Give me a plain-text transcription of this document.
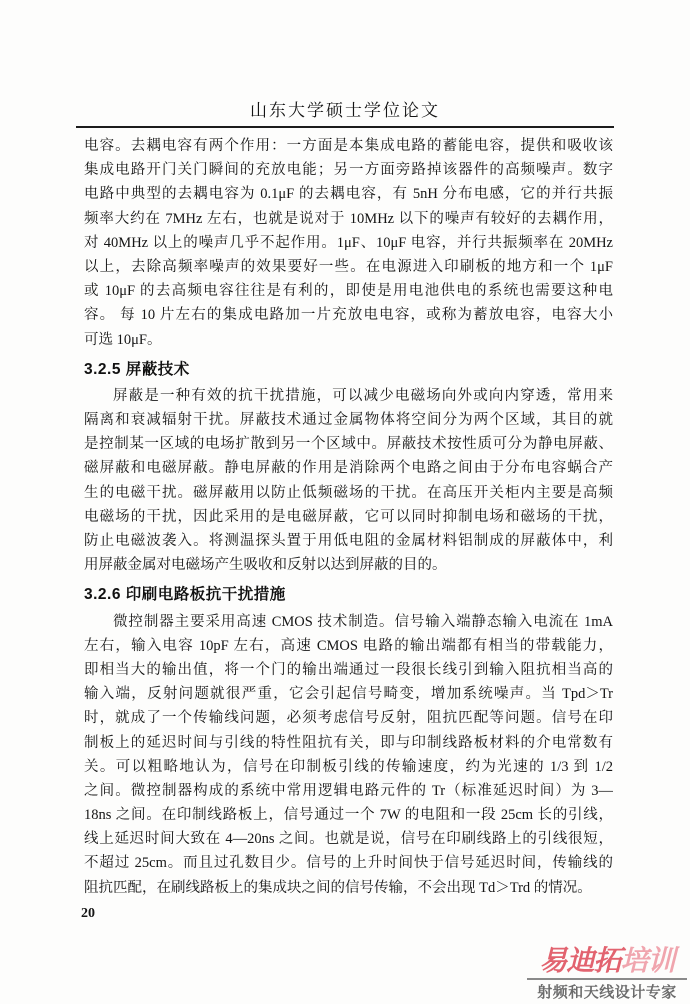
山东大学硕士学位论文
电容。去耦电容有两个作用：一方面是本集成电路的蓄能电容，提供和吸收该
集成电路开门关门瞬间的充放电能；另一方面旁路掉该器件的高频噪声。数字
电路中典型的去耦电容为 0.1μF 的去耦电容，有 5nH 分布电感，它的并行共振
频率大约在 7MHz 左右，也就是说对于 10MHz 以下的噪声有较好的去耦作用，
对 40MHz 以上的噪声几乎不起作用。1μF、10μF 电容，并行共振频率在 20MHz
以上，去除高频率噪声的效果要好一些。在电源进入印刷板的地方和一个 1μF
或 10μF 的去高频电容往往是有利的，即使是用电池供电的系统也需要这种电
容。 每 10 片左右的集成电路加一片充放电电容，或称为蓄放电容，电容大小
可选 10μF。
3.2.5 屏蔽技术
屏蔽是一种有效的抗干扰措施，可以减少电磁场向外或向内穿透，常用来
隔离和衰减辐射干扰。屏蔽技术通过金属物体将空间分为两个区域，其目的就
是控制某一区域的电场扩散到另一个区域中。屏蔽技术按性质可分为静电屏蔽、
磁屏蔽和电磁屏蔽。静电屏蔽的作用是消除两个电路之间由于分布电容蜗合产
生的电磁干扰。磁屏蔽用以防止低频磁场的干扰。在高压开关柜内主要是高频
电磁场的干扰，因此采用的是电磁屏蔽，它可以同时抑制电场和磁场的干扰，
防止电磁波袭入。将测温探头置于用低电阻的金属材料铝制成的屏蔽体中，利
用屏蔽金属对电磁场产生吸收和反射以达到屏蔽的目的。
3.2.6 印刷电路板抗干扰措施
微控制器主要采用高速 CMOS 技术制造。信号输入端静态输入电流在 1mA
左右，输入电容 10pF 左右，高速 CMOS 电路的输出端都有相当的带载能力，
即相当大的输出值，将一个门的输出端通过一段很长线引到输入阻抗相当高的
输入端，反射问题就很严重，它会引起信号畸变，增加系统噪声。当 Tpd＞Tr
时，就成了一个传输线问题，必须考虑信号反射，阻抗匹配等问题。信号在印
制板上的延迟时间与引线的特性阻抗有关，即与印制线路板材料的介电常数有
关。可以粗略地认为，信号在印制板引线的传输速度，约为光速的 1/3 到 1/2
之间。微控制器构成的系统中常用逻辑电路元件的 Tr（标准延迟时间）为 3—
18ns 之间。在印制线路板上，信号通过一个 7W 的电阻和一段 25cm 长的引线，
线上延迟时间大致在 4—20ns 之间。也就是说，信号在印刷线路上的引线很短，
不超过 25cm。而且过孔数目少。信号的上升时间快于信号延迟时间，传输线的
阻抗匹配，在刷线路板上的集成块之间的信号传输，不会出现 Td＞Trd 的情况。
20
易迪拓培训
射频和天线设计专家
